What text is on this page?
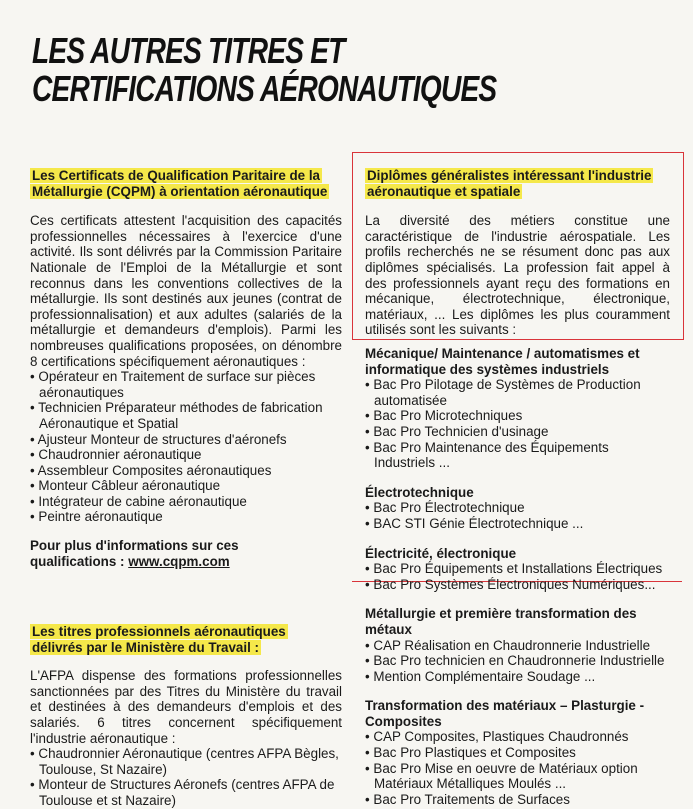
LES AUTRES TITRES ET
CERTIFICATIONS AÉRONAUTIQUES
Les Certificats de Qualification Paritaire de la
Métallurgie (CQPM) à orientation aéronautique

Ces certificats attestent l'acquisition des capacités professionnelles nécessaires à l'exercice d'une activité. Ils sont délivrés par la Commission Paritaire Nationale de l'Emploi de la Métallurgie et sont reconnus dans les conventions collectives de la métallurgie. Ils sont destinés aux jeunes (contrat de professionnalisation) et aux adultes (salariés de la métallurgie et demandeurs d'emplois). Parmi les nombreuses qualifications proposées, on dénombre 8 certifications spécifiquement aéronautiques :

• Opérateur en Traitement de surface sur pièces aéronautiques
• Technicien Préparateur méthodes de fabrication Aéronautique et Spatial
• Ajusteur Monteur de structures d'aéronefs
• Chaudronnier aéronautique
• Assembleur Composites aéronautiques
• Monteur Câbleur aéronautique
• Intégrateur de cabine aéronautique
• Peintre aéronautique

Pour plus d'informations sur ces
qualifications : www.cqpm.com

Les titres professionnels aéronautiques
délivrés par le Ministère du Travail :

L'AFPA dispense des formations professionnelles sanctionnées par des Titres du Ministère du travail et destinées à des demandeurs d'emplois et des salariés. 6 titres concernent spécifiquement l'industrie aéronautique :

• Chaudronnier Aéronautique (centres AFPA Bègles, Toulouse, St Nazaire)
• Monteur de Structures Aéronefs (centres AFPA de Toulouse et st Nazaire)
Diplômes généralistes intéressant l'industrie
aéronautique et spatiale

La diversité des métiers constitue une caractéristique de l'industrie aérospatiale. Les profils recherchés ne se résument donc pas aux diplômes spécialisés. La profession fait appel à des professionnels ayant reçu des formations en mécanique, électrotechnique, électronique, matériaux, ... Les diplômes les plus couramment utilisés sont les suivants :

Mécanique/ Maintenance / automatismes et informatique des systèmes industriels

• Bac Pro Pilotage de Systèmes de Production automatisée
• Bac Pro Microtechniques
• Bac Pro Technicien d'usinage
• Bac Pro Maintenance des Équipements Industriels ...

Électrotechnique

• Bac Pro Électrotechnique
• BAC STI Génie Électrotechnique ...

Électricité, électronique

• Bac Pro Équipements et Installations Électriques
• Bac Pro Systèmes Électroniques Numériques...

Métallurgie et première transformation des métaux

• CAP Réalisation en Chaudronnerie Industrielle
• Bac Pro technicien en Chaudronnerie Industrielle
• Mention Complémentaire Soudage ...

Transformation des matériaux – Plasturgie - Composites

• CAP Composites, Plastiques Chaudronnés
• Bac Pro Plastiques et Composites
• Bac Pro Mise en oeuvre de Matériaux option Matériaux Métalliques Moulés ...
• Bac Pro Traitements de Surfaces
